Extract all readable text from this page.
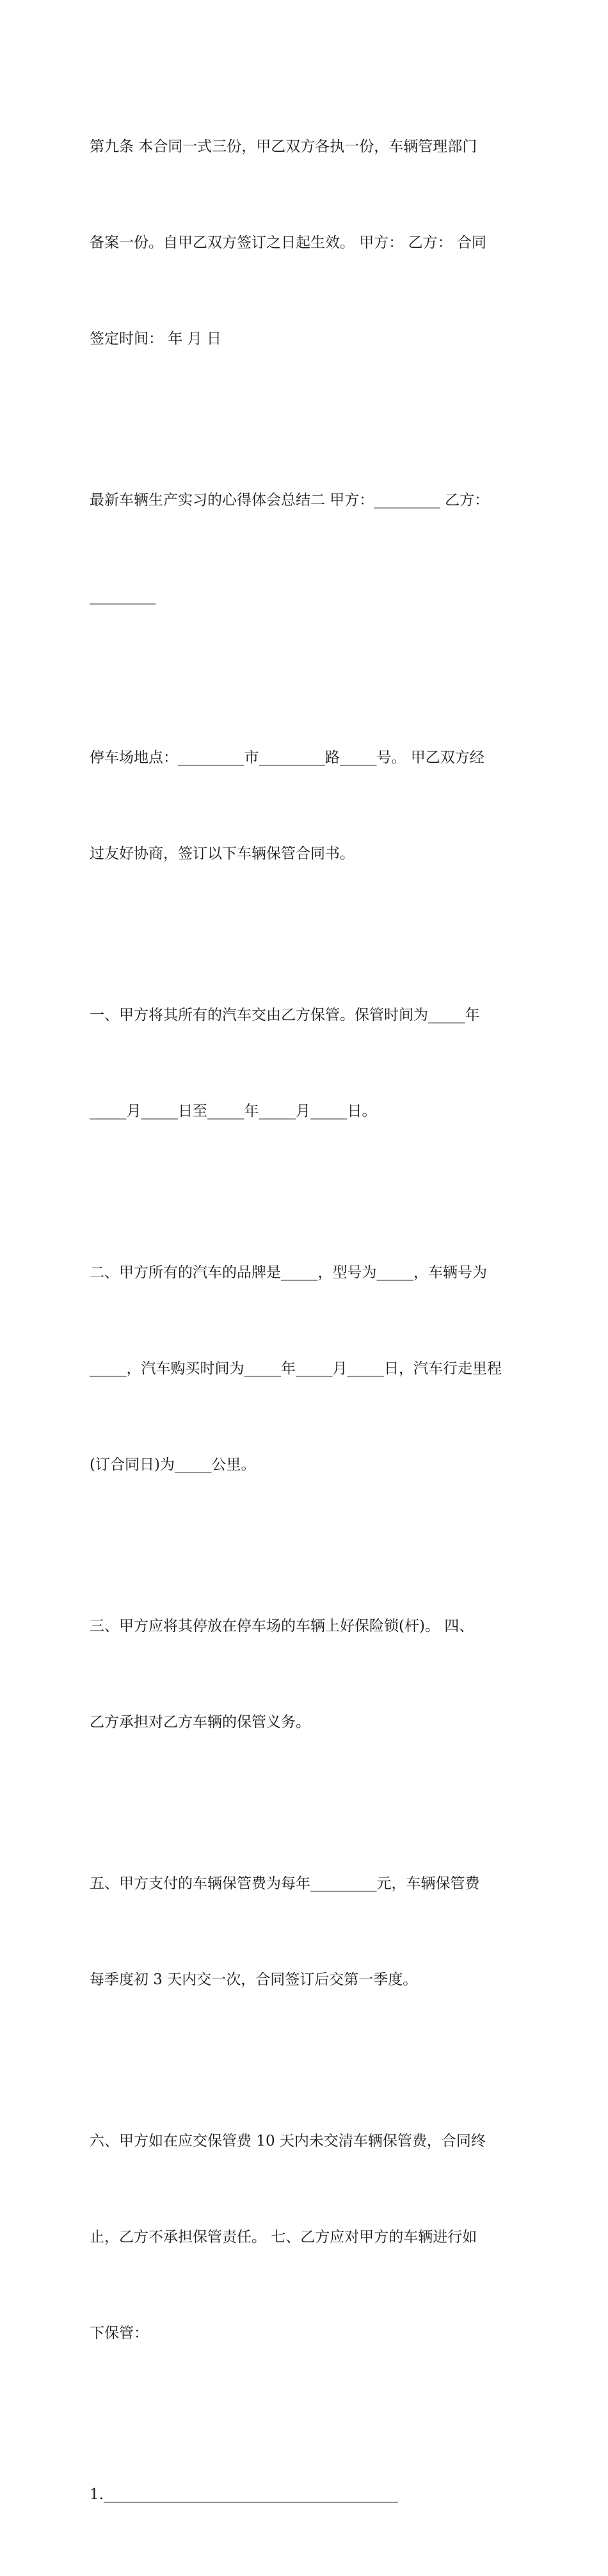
第九条 本合同一式三份，甲乙双方各执一份，车辆管理部门

备案一份。自甲乙双方签订之日起生效。 甲方： 乙方： 合同

签定时间： 年 月 日

最新车辆生产实习的心得体会总结二 甲方：_________ 乙方：

_________

停车场地点：_________市_________路_____号。 甲乙双方经

过友好协商，签订以下车辆保管合同书。

一、甲方将其所有的汽车交由乙方保管。保管时间为_____年

_____月_____日至_____年_____月_____日。

二、甲方所有的汽车的品牌是_____，型号为_____，车辆号为

_____，汽车购买时间为_____年_____月_____日，汽车行走里程

(订合同日)为_____公里。

三、甲方应将其停放在停车场的车辆上好保险锁(杆)。 四、

乙方承担对乙方车辆的保管义务。

五、甲方支付的车辆保管费为每年_________元，车辆保管费

每季度初 3 天内交一次，合同签订后交第一季度。

六、甲方如在应交保管费 10 天内未交清车辆保管费，合同终

止，乙方不承担保管责任。 七、乙方应对甲方的车辆进行如

下保管：

1.________________________________________
